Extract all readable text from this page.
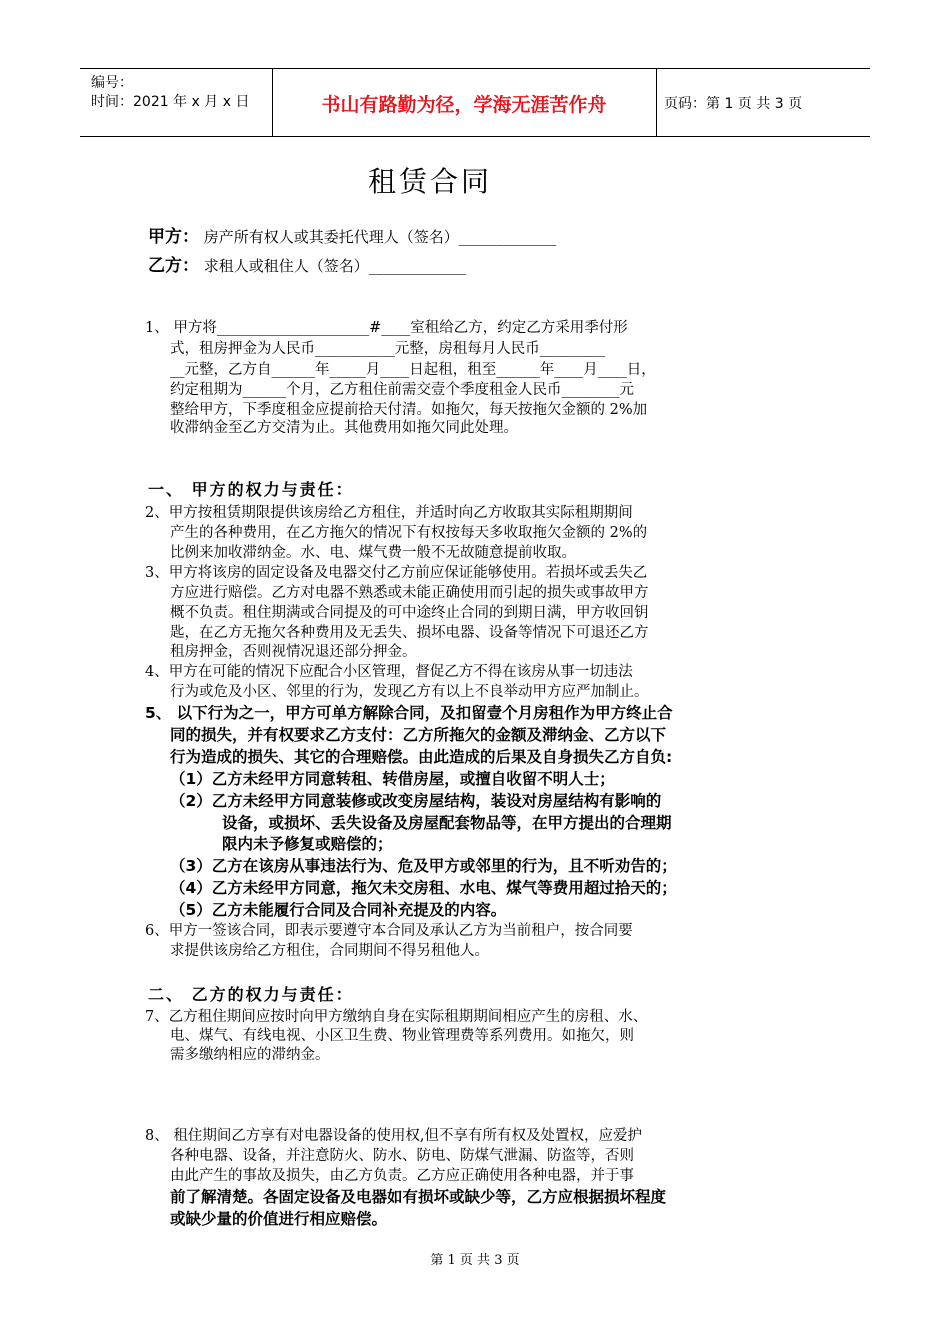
编号：
时间：2021 年 x 月 x 日	书山有路勤为径，学海无涯苦作舟	页码：第 1 页 共 3 页
租赁合同
甲方： 房产所有权人或其委托代理人（签名）_____________
乙方： 求租人或租住人（签名）_____________
1、 甲方将_____________________#____室租给乙方，约定乙方采用季付形
式，租房押金为人民币___________元整，房租每月人民币_________
__元整，乙方自______年_____月____日起租，租至______年____月____日，
约定租期为______个月，乙方租住前需交壹个季度租金人民币________元
整给甲方，下季度租金应提前拾天付清。如拖欠，每天按拖欠金额的 2%加
收滞纳金至乙方交清为止。其他费用如拖欠同此处理。
一、 甲方的权力与责任：
2、甲方按租赁期限提供该房给乙方租住，并适时向乙方收取其实际租期期间
产生的各种费用，在乙方拖欠的情况下有权按每天多收取拖欠金额的 2%的
比例来加收滞纳金。水、电、煤气费一般不无故随意提前收取。
3、甲方将该房的固定设备及电器交付乙方前应保证能够使用。若损坏或丢失乙
方应进行赔偿。乙方对电器不熟悉或未能正确使用而引起的损失或事故甲方
概不负责。租住期满或合同提及的可中途终止合同的到期日满，甲方收回钥
匙，在乙方无拖欠各种费用及无丢失、损坏电器、设备等情况下可退还乙方
租房押金，否则视情况退还部分押金。
4、甲方在可能的情况下应配合小区管理，督促乙方不得在该房从事一切违法
行为或危及小区、邻里的行为，发现乙方有以上不良举动甲方应严加制止。
5、 以下行为之一，甲方可单方解除合同，及扣留壹个月房租作为甲方终止合
同的损失，并有权要求乙方支付：乙方所拖欠的金额及滞纳金、乙方以下
行为造成的损失、其它的合理赔偿。由此造成的后果及自身损失乙方自负:
（1）乙方未经甲方同意转租、转借房屋，或擅自收留不明人士；
（2）乙方未经甲方同意装修或改变房屋结构，装设对房屋结构有影响的
设备，或损坏、丢失设备及房屋配套物品等，在甲方提出的合理期
限内未予修复或赔偿的；
（3）乙方在该房从事违法行为、危及甲方或邻里的行为，且不听劝告的；
（4）乙方未经甲方同意，拖欠未交房租、水电、煤气等费用超过拾天的；
（5）乙方未能履行合同及合同补充提及的内容。
6、甲方一签该合同，即表示要遵守本合同及承认乙方为当前租户，按合同要
求提供该房给乙方租住，合同期间不得另租他人。
二、 乙方的权力与责任：
7、乙方租住期间应按时向甲方缴纳自身在实际租期期间相应产生的房租、水、
电、煤气、有线电视、小区卫生费、物业管理费等系列费用。如拖欠，则
需多缴纳相应的滞纳金。
8、 租住期间乙方享有对电器设备的使用权,但不享有所有权及处置权，应爱护
各种电器、设备，并注意防火、防水、防电、防煤气泄漏、防盗等，否则
由此产生的事故及损失，由乙方负责。乙方应正确使用各种电器，并于事
前了解清楚。各固定设备及电器如有损坏或缺少等，乙方应根据损坏程度
或缺少量的价值进行相应赔偿。
第 1 页 共 3 页
